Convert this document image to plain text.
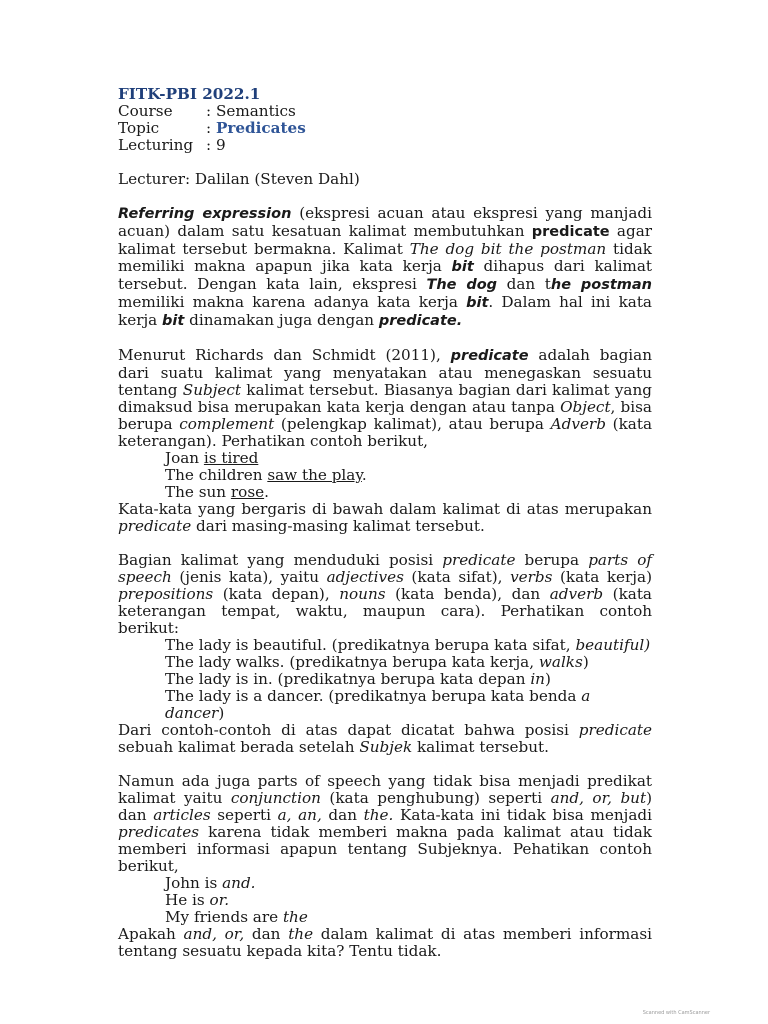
FITK-PBI 2022.1
Course	: Semantics
Topic	: Predicates
Lecturing : 9
Lecturer: Dalilan (Steven Dahl)

Referring expression (ekspresi acuan atau ekspresi yang manjadi acuan) dalam satu kesatuan kalimat membutuhkan predicate agar kalimat tersebut bermakna. Kalimat The dog bit the postman tidak memiliki makna apapun jika kata kerja bit dihapus dari kalimat tersebut. Dengan kata lain, ekspresi The dog dan the postman memiliki makna karena adanya kata kerja bit. Dalam hal ini kata kerja bit dinamakan juga dengan predicate.

Menurut Richards dan Schmidt (2011), predicate adalah bagian dari suatu kalimat yang menyatakan atau menegaskan sesuatu tentang Subject kalimat tersebut. Biasanya bagian dari kalimat yang dimaksud bisa merupakan kata kerja dengan atau tanpa Object, bisa berupa complement (pelengkap kalimat), atau berupa Adverb (kata keterangan). Perhatikan contoh berikut,

Joan is tired
The children saw the play.
The sun rose.

Kata-kata yang bergaris di bawah dalam kalimat di atas merupakan predicate dari masing-masing kalimat tersebut.

Bagian kalimat yang menduduki posisi predicate berupa parts of speech (jenis kata), yaitu adjectives (kata sifat), verbs (kata kerja) prepositions (kata depan), nouns (kata benda), dan adverb (kata keterangan tempat, waktu, maupun cara). Perhatikan contoh berikut:

The lady is beautiful. (predikatnya berupa kata sifat, beautiful)
The lady walks. (predikatnya berupa kata kerja, walks)
The lady is in. (predikatnya berupa kata depan in)
The lady is a dancer. (predikatnya berupa kata benda a dancer)

Dari contoh-contoh di atas dapat dicatat bahwa posisi predicate sebuah kalimat berada setelah Subjek kalimat tersebut.

Namun ada juga parts of speech yang tidak bisa menjadi predikat kalimat yaitu conjunction (kata penghubung) seperti and, or, but) dan articles seperti a, an, dan the. Kata-kata ini tidak bisa menjadi predicates karena tidak memberi makna pada kalimat atau tidak memberi informasi apapun tentang Subjeknya. Pehatikan contoh berikut,

John is and.
He is or.
My friends are the

Apakah and, or, dan the dalam kalimat di atas memberi informasi tentang sesuatu kepada kita? Tentu tidak.

Scanned with CamScanner
